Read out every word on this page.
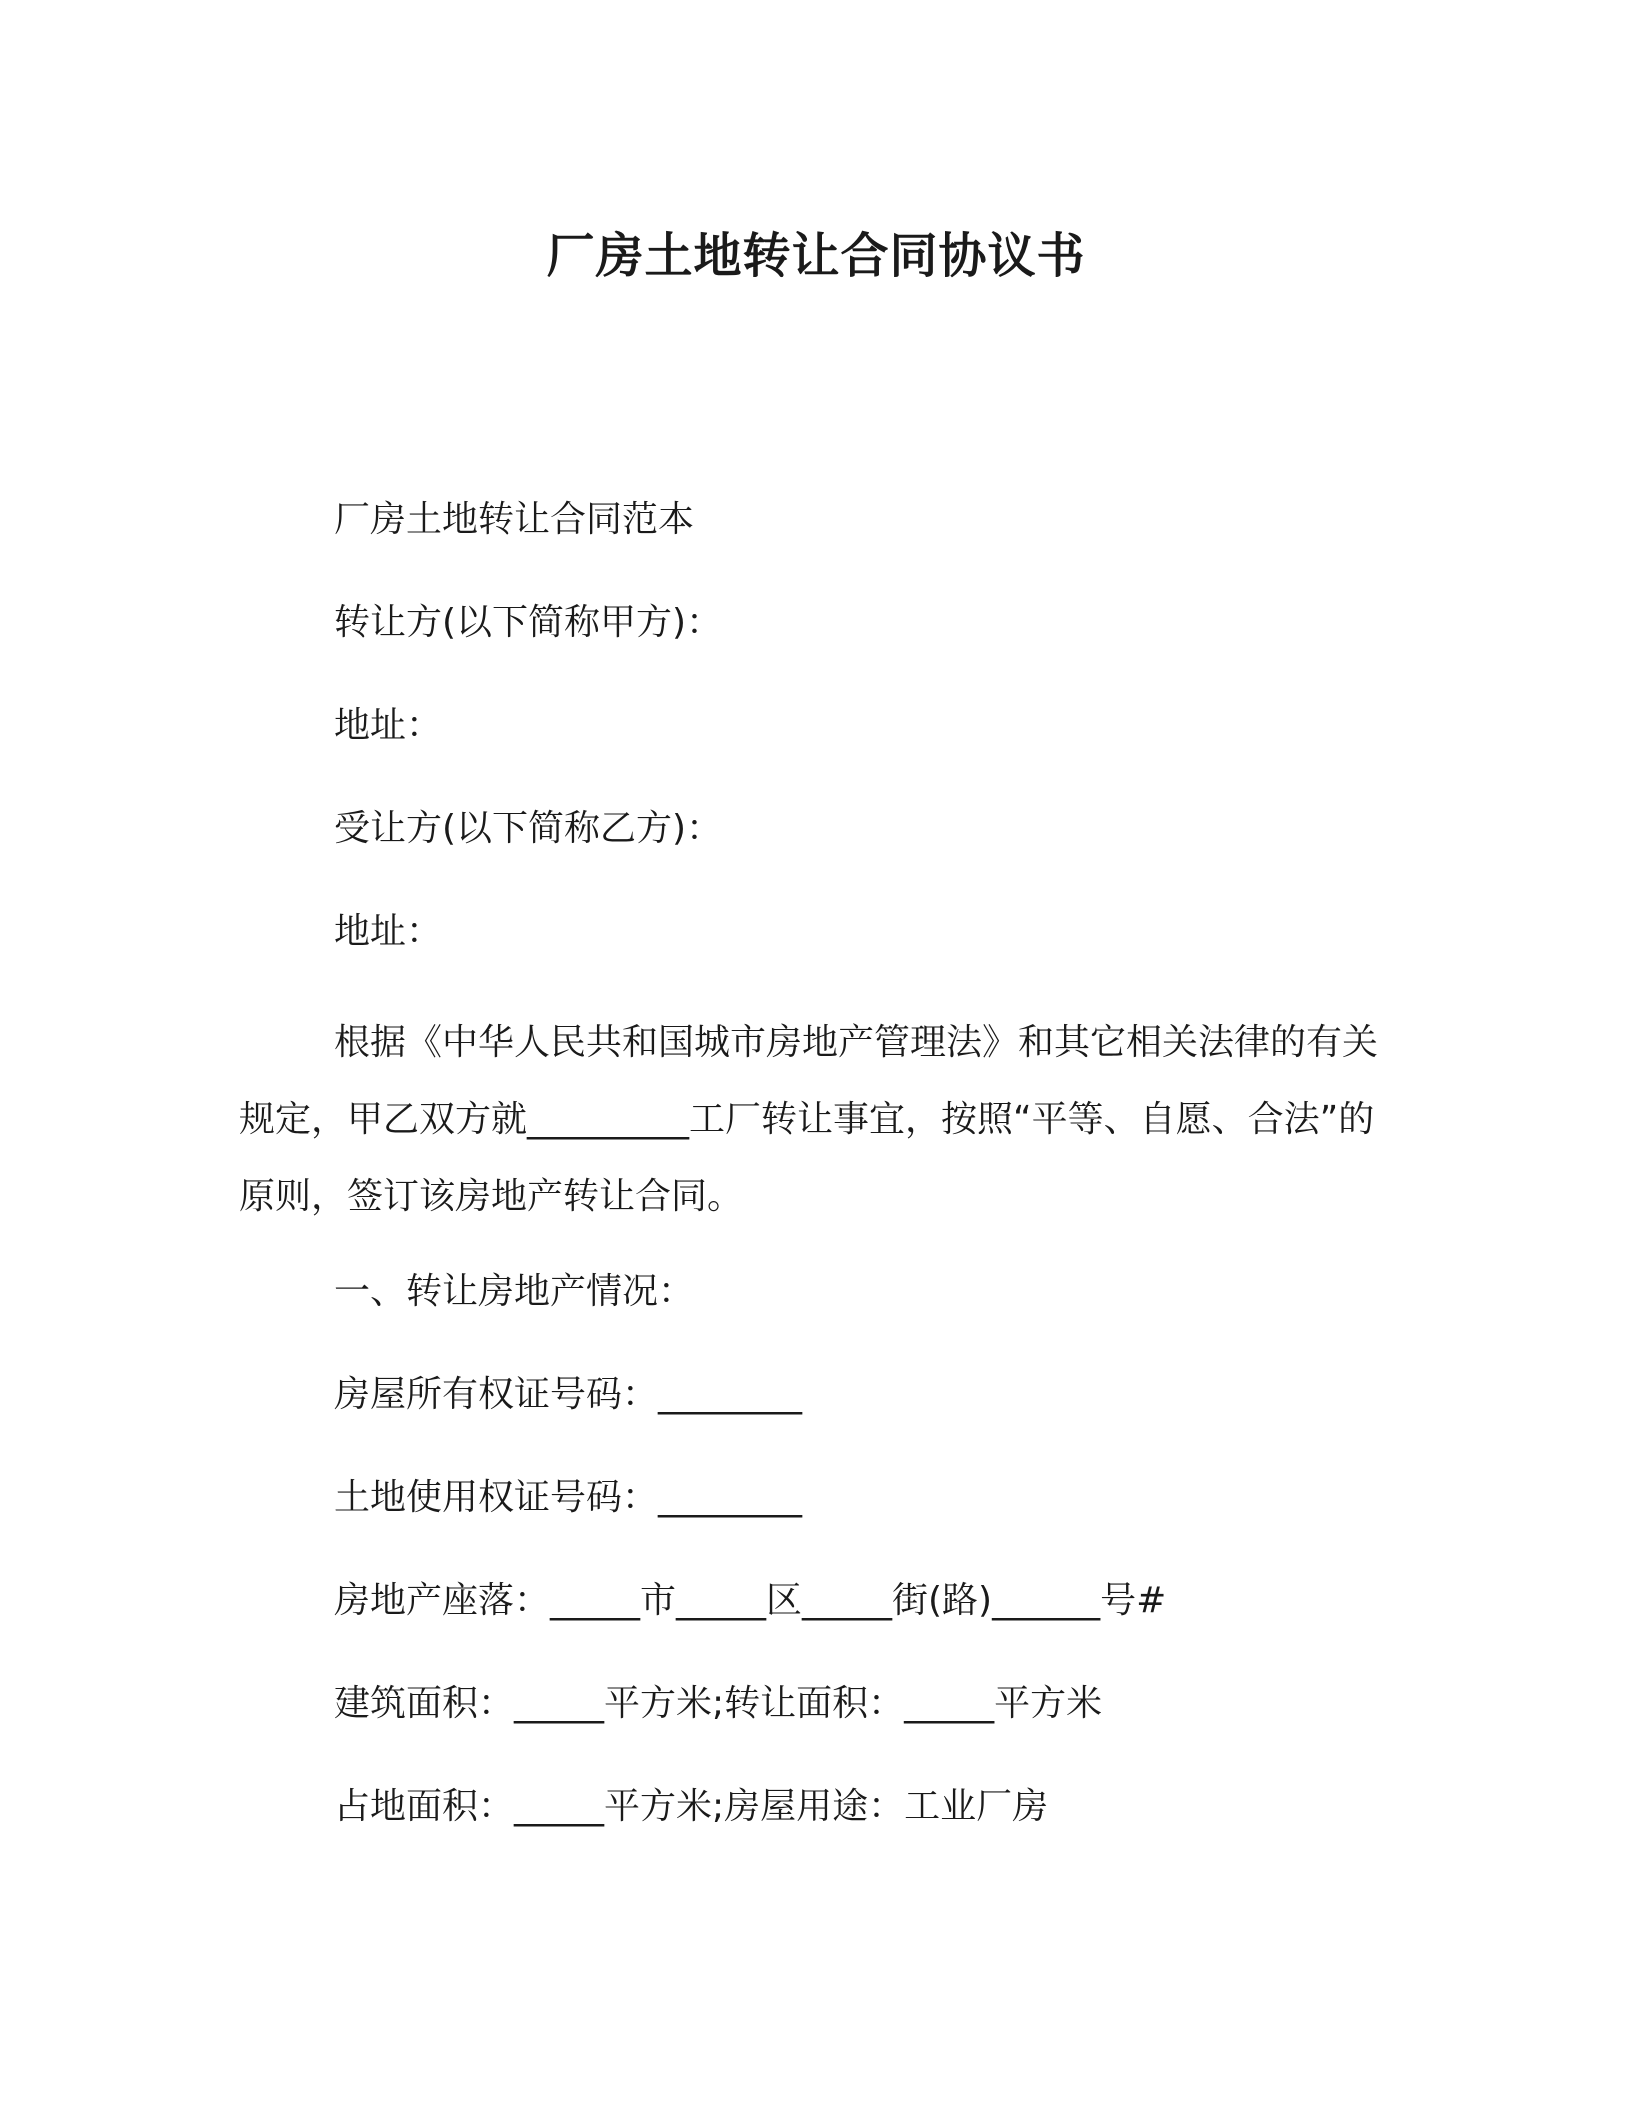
厂房土地转让合同协议书

厂房土地转让合同范本

转让方(以下简称甲方)：

地址：

受让方(以下简称乙方)：

地址：

根据《中华人民共和国城市房地产管理法》和其它相关法律的有关规定，甲乙双方就_________工厂转让事宜，按照“平等、自愿、合法”的原则，签订该房地产转让合同。

一、转让房地产情况：

房屋所有权证号码：________

土地使用权证号码：________

房地产座落：_____市_____区_____街(路)______号#

建筑面积：_____平方米;转让面积：_____平方米

占地面积：_____平方米;房屋用途：工业厂房
